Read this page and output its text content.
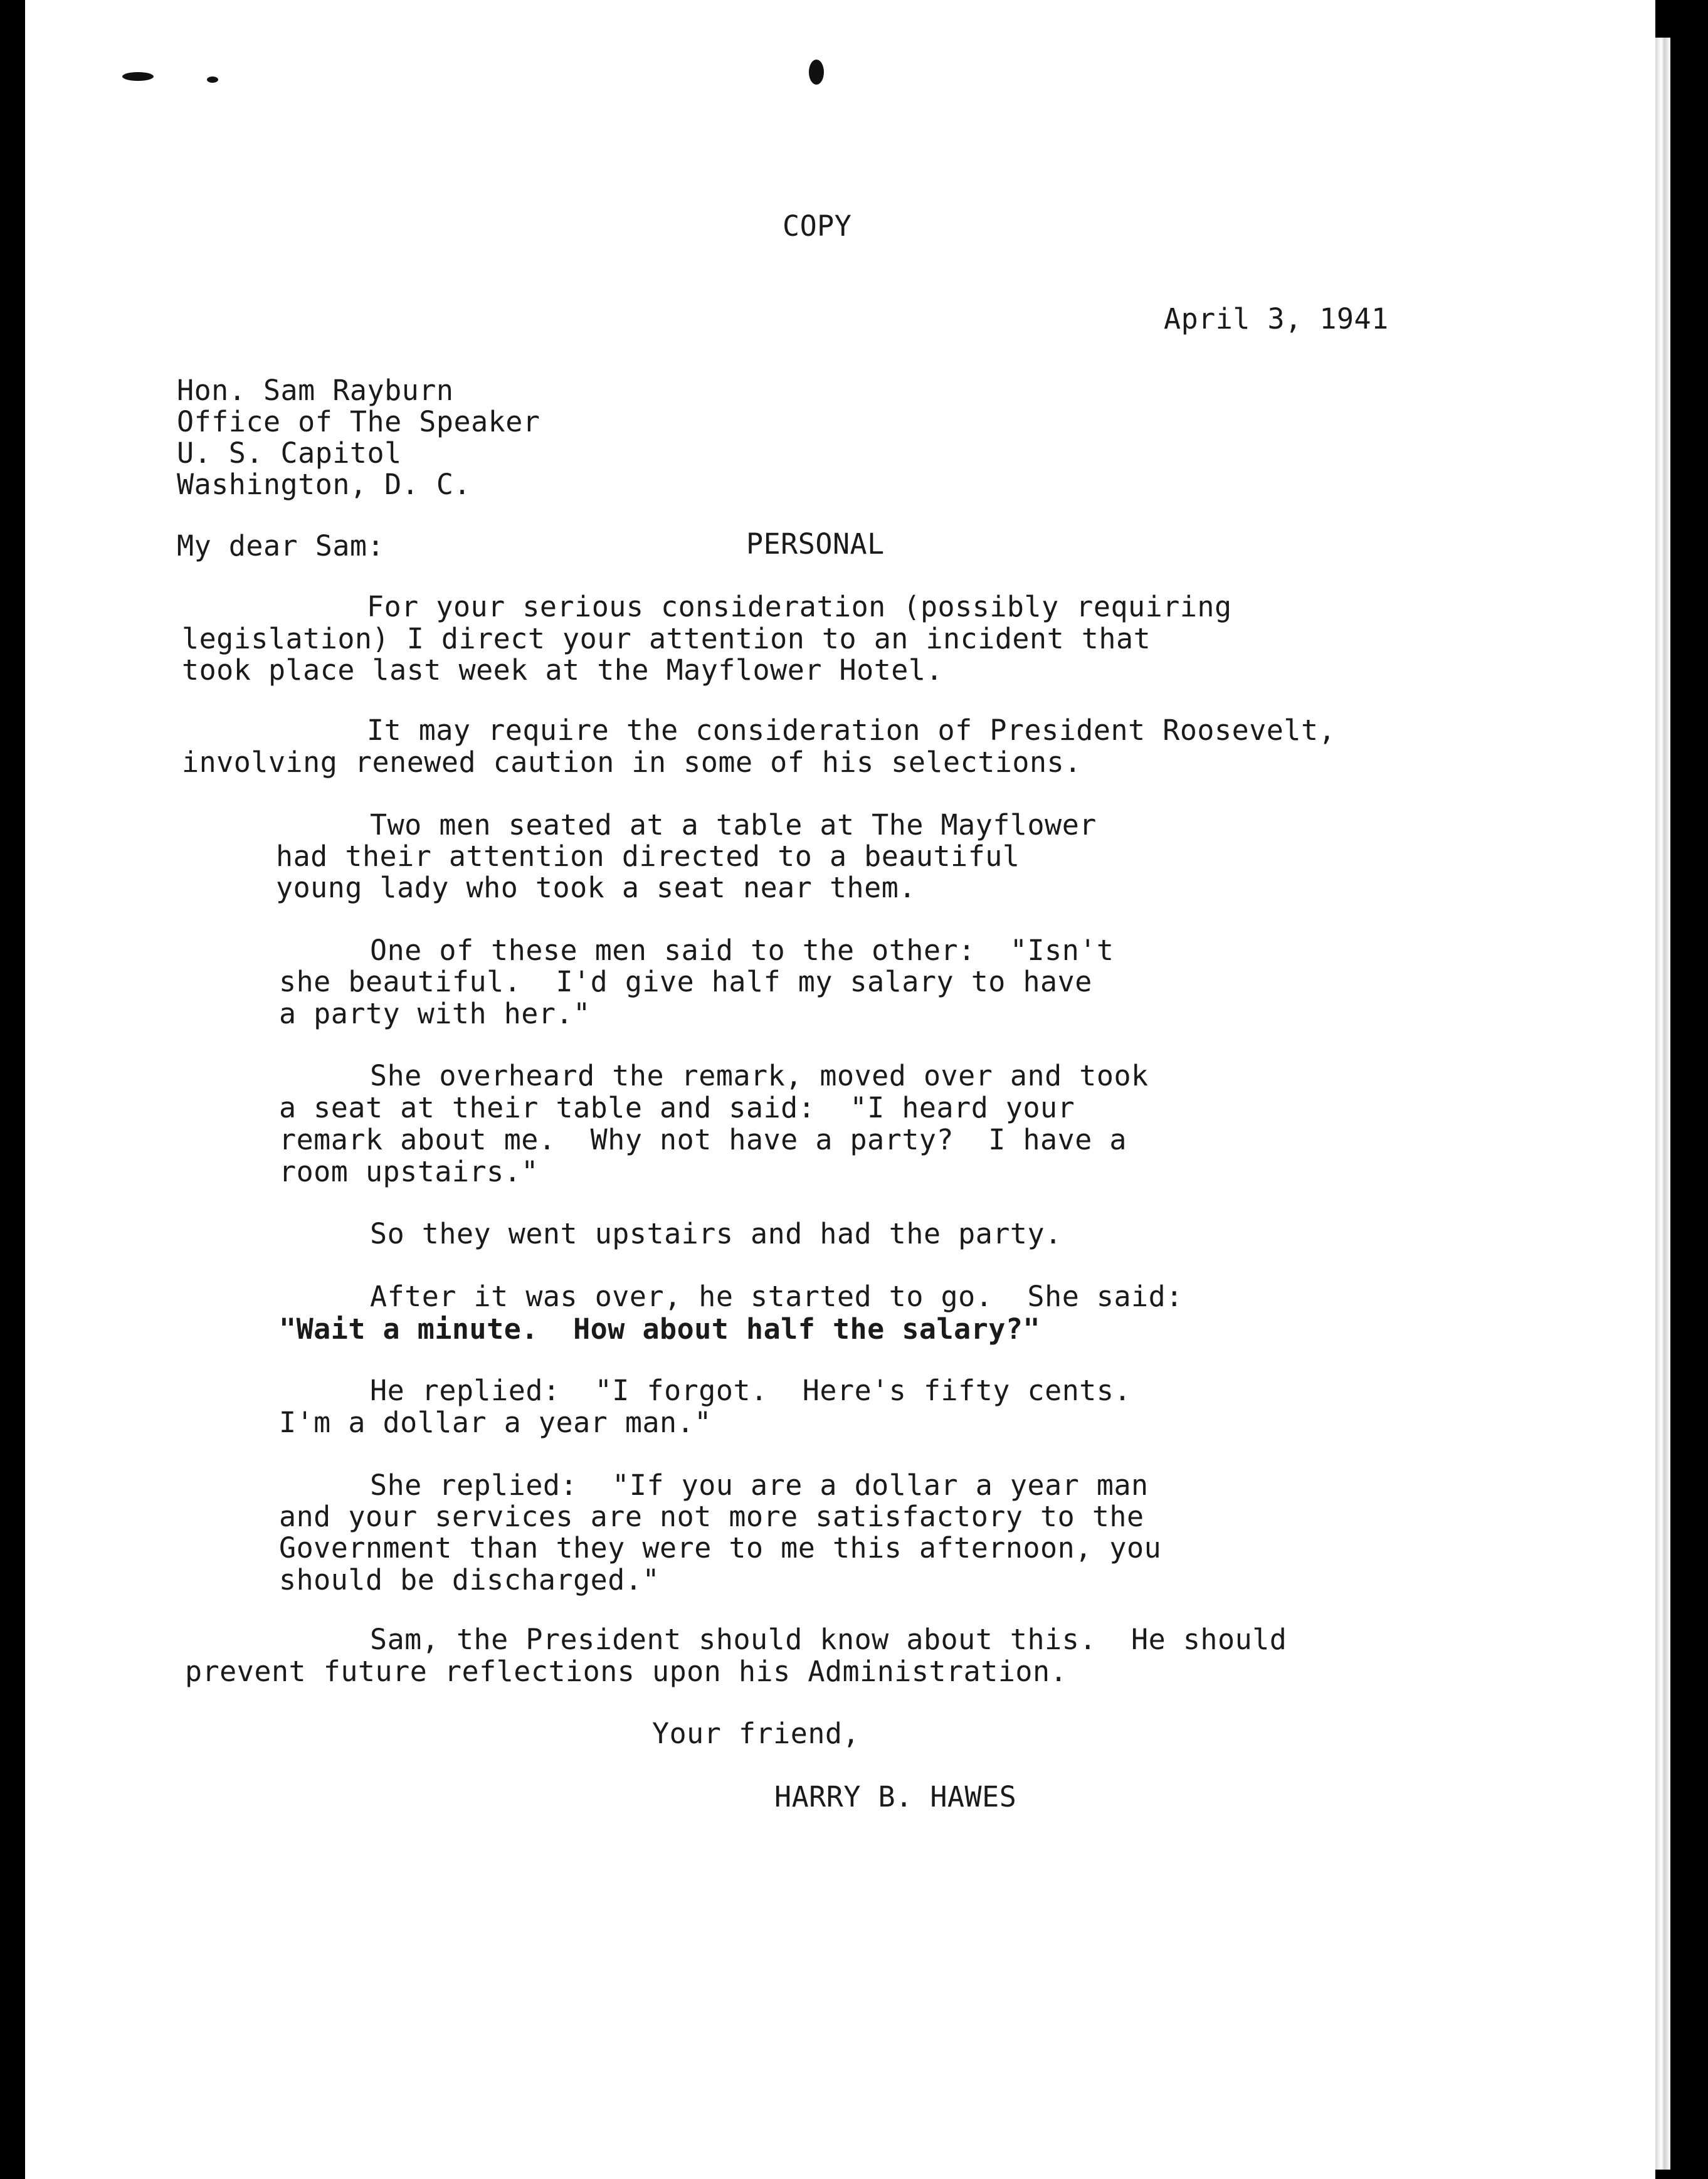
COPY
April 3, 1941
Hon. Sam Rayburn
Office of The Speaker
U. S. Capitol
Washington, D. C.
My dear Sam:	PERSONAL
For your serious consideration (possibly requiring
legislation) I direct your attention to an incident that
took place last week at the Mayflower Hotel.
It may require the consideration of President Roosevelt,
involving renewed caution in some of his selections.
Two men seated at a table at The Mayflower
had their attention directed to a beautiful
young lady who took a seat near them.
One of these men said to the other:  "Isn't
she beautiful.  I'd give half my salary to have
a party with her."
She overheard the remark, moved over and took
a seat at their table and said:  "I heard your
remark about me.  Why not have a party?  I have a
room upstairs."
So they went upstairs and had the party.
After it was over, he started to go.  She said:
"Wait a minute.  How about half the salary?"
He replied:  "I forgot.  Here's fifty cents.
I'm a dollar a year man."
She replied:  "If you are a dollar a year man
and your services are not more satisfactory to the
Government than they were to me this afternoon, you
should be discharged."
Sam, the President should know about this.  He should
prevent future reflections upon his Administration.
Your friend,
HARRY B. HAWES
